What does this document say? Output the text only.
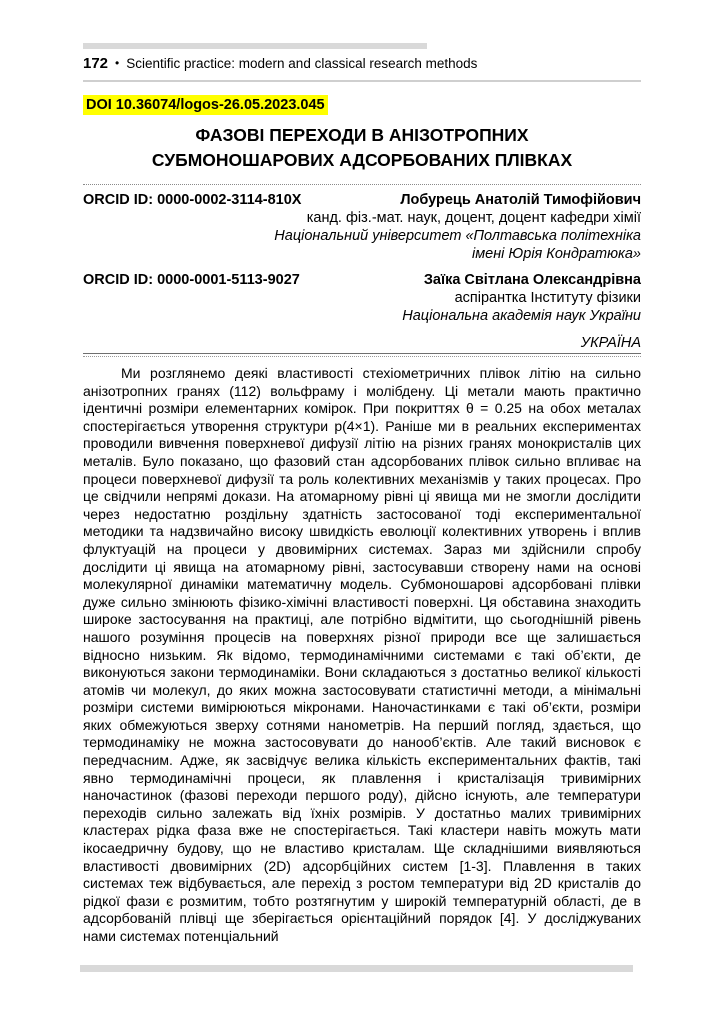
172 • Scientific practice: modern and classical research methods
DOI 10.36074/logos-26.05.2023.045
ФАЗОВІ ПЕРЕХОДИ В АНІЗОТРОПНИХ
СУБМОНОШАРОВИХ АДСОРБОВАНИХ ПЛІВКАХ
ORCID ID: 0000-0002-3114-810X	Лобурець Анатолій Тимофійович
канд. фіз.-мат. наук, доцент, доцент кафедри хімії
Національний університет «Полтавська політехніка
імені Юрія Кондратюка»
ORCID ID: 0000-0001-5113-9027	Заїка Світлана Олександрівна
аспірантка Інституту фізики
Національна академія наук України
УКРАЇНА

Ми розглянемо деякі властивості стехіометричних плівок літію на сильно анізотропних гранях (112) вольфраму і молібдену. Ці метали мають практично ідентичні розміри елементарних комірок. При покриттях θ = 0.25 на обох металах спостерігається утворення структури p(4×1). Раніше ми в реальних експериментах проводили вивчення поверхневої дифузії літію на різних гранях монокристалів цих металів. Було показано, що фазовий стан адсорбованих плівок сильно впливає на процеси поверхневої дифузії та роль колективних механізмів у таких процесах. Про це свідчили непрямі докази. На атомарному рівні ці явища ми не змогли дослідити через недостатню роздільну здатність застосованої тоді експериментальної методики та надзвичайно високу швидкість еволюції колективних утворень і вплив флуктуацій на процеси у двовимірних системах. Зараз ми здійснили спробу дослідити ці явища на атомарному рівні, застосувавши створену нами на основі молекулярної динаміки математичну модель. Субмоношарові адсорбовані плівки дуже сильно змінюють фізико-хімічні властивості поверхні. Ця обставина знаходить широке застосування на практиці, але потрібно відмітити, що сьогоднішній рівень нашого розуміння процесів на поверхнях різної природи все ще залишається відносно низьким. Як відомо, термодинамічними системами є такі об’єкти, де виконуються закони термодинаміки. Вони складаються з достатньо великої кількості атомів чи молекул, до яких можна застосовувати статистичні методи, а мінімальні розміри системи вимірюються мікронами. Наночастинками є такі об’єкти, розміри яких обмежуються зверху сотнями нанометрів. На перший погляд, здається, що термодинаміку не можна застосовувати до нанооб’єктів. Але такий висновок є передчасним. Адже, як засвідчує велика кількість експериментальних фактів, такі явно термодинамічні процеси, як плавлення і кристалізація тривимірних наночастинок (фазові переходи першого роду), дійсно існують, але температури переходів сильно залежать від їхніх розмірів. У достатньо малих тривимірних кластерах рідка фаза вже не спостерігається. Такі кластери навіть можуть мати ікосаедричну будову, що не властиво кристалам. Ще складнішими виявляються властивості двовимірних (2D) адсорбційних систем [1-3]. Плавлення в таких системах теж відбувається, але перехід з ростом температури від 2D кристалів до рідкої фази є розмитим, тобто розтягнутим у широкій температурній області, де в адсорбованій плівці ще зберігається орієнтаційний порядок [4]. У досліджуваних нами системах потенціальний
